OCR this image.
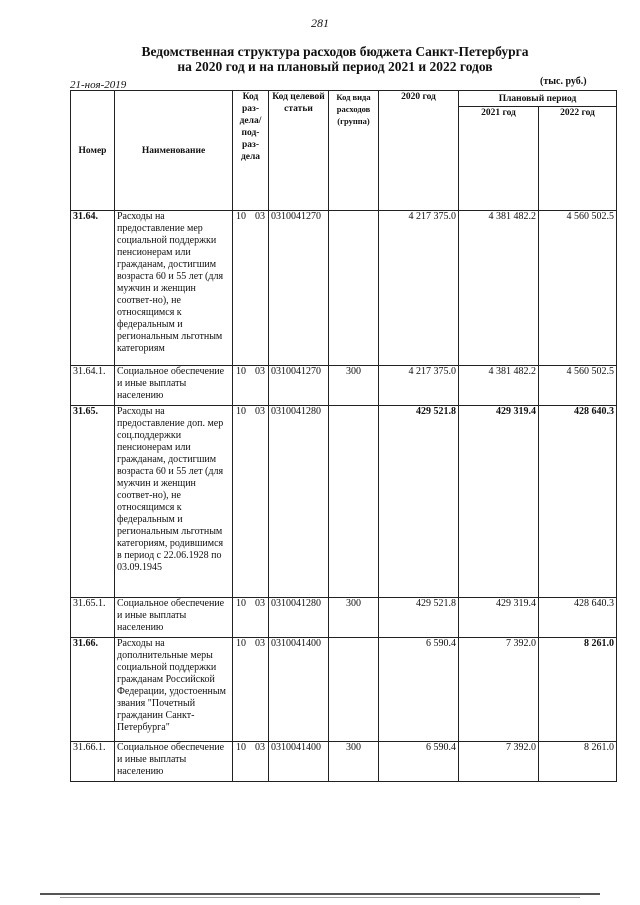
281
Ведомственная структура расходов бюджета Санкт-Петербурга
на 2020 год и на плановый период 2021 и 2022 годов
21-ноя-2019	(тыс. руб.)
Номер	Наименование	Код раз- дела/ под- раз- дела	Код целевой статьи	Код вида расходов (группа)	2020 год	Плановый период	
						2021 год	2022 год
31.64.	Расходы на предоставление мер социальной поддержки пенсионерам или гражданам, достигшим возраста 60 и 55 лет (для мужчин и женщин соответ-но), не относящимся к федеральным и региональным льготным категориям	10 03	0310041270		4 217 375.0	4 381 482.2	4 560 502.5
31.64.1.	Социальное обеспечение и иные выплаты населению	10 03	0310041270	300	4 217 375.0	4 381 482.2	4 560 502.5
31.65.	Расходы на предоставление доп. мер соц.поддержки пенсионерам или гражданам, достигшим возраста 60 и 55 лет (для мужчин и женщин соответ-но), не относящимся к федеральным и региональным льготным категориям, родившимся в период с 22.06.1928 по 03.09.1945	10 03	0310041280		429 521.8	429 319.4	428 640.3
31.65.1.	Социальное обеспечение и иные выплаты населению	10 03	0310041280	300	429 521.8	429 319.4	428 640.3
31.66.	Расходы на дополнительные меры социальной поддержки гражданам Российской Федерации, удостоенным звания "Почетный гражданин Санкт-Петербурга"	10 03	0310041400		6 590.4	7 392.0	8 261.0
31.66.1.	Социальное обеспечение и иные выплаты населению	10 03	0310041400	300	6 590.4	7 392.0	8 261.0
